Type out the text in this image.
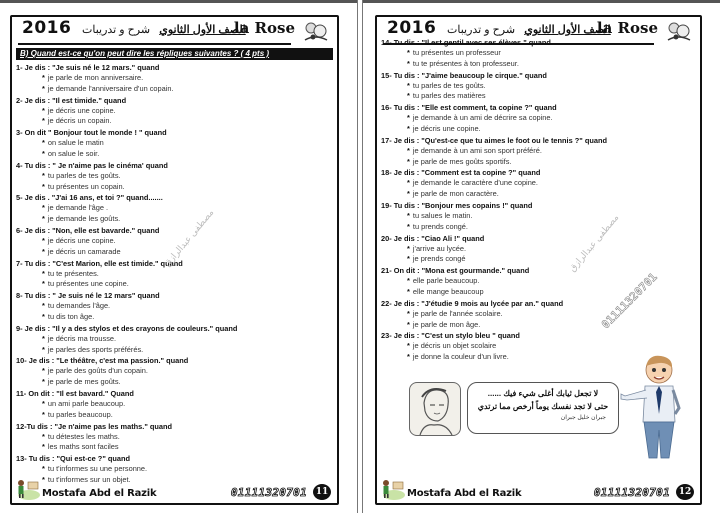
2016	الصف الأول الثانوي   شرح و تدريبات	la Rose
B) Quand est-ce qu'on peut dire les répliques suivantes ? ( 4 pts )
1- Je dis : "Je suis né le 12 mars." quand
* je parle de mon anniversaire.
* je demande l'anniversaire d'un copain.
2- Je dis : "Il est timide." quand
* je décris une copine.
* je décris un copain.
3- On dit " Bonjour tout le monde ! " quand
* on salue le matin
* on salue le soir.
4- Tu dis : " Je n'aime pas le cinéma' quand
* tu parles de tes goûts.
* tu présentes un copain.
5- Je dis . "J'ai 16 ans, et toi ?" quand.......
* je demande l'âge .
* je demande les goûts.
6- Je dis : "Non, elle est bavarde." quand
* je décris une copine.
* je décris un camarade
7- Tu dis : "C'est Marion, elle est timide." quand
* tu te présentes.
* tu présentes une copine.
8- Tu dis : " Je suis né le 12 mars" quand
* tu demandes l'âge.
* tu dis ton âge.
9- Je dis : "Il y a des stylos et des crayons de couleurs." quand
* je décris ma trousse.
* je parles des sports préférés.
10- Je dis : "Le théâtre, c'est ma passion." quand
* je parle des goûts d'un copain.
* je parle de mes goûts.
11- On dit : "Il est bavard." Quand
* un ami parle beaucoup.
* tu parles beaucoup.
12-Tu dis : "Je n'aime pas les maths." quand
* tu détestes les maths.
* les maths sont faciles
13- Tu dis : "Qui est-ce ?" quand
* tu t'informes su une personne.
* tu t'informes sur un objet.
مصطفى عبدالرازق
Mostafa Abd el Razik	01111320701 11
2016	الصف الأول الثانوي   شرح و تدريبات	la Rose
14- Tu dis : "Il est gentil avec ses élèves." quand
* tu présentes un professeur
* tu te présentes à ton professeur.
15- Tu dis : "J'aime beaucoup le cirque." quand
* tu parles de tes goûts.
* tu parles des matières
16- Tu dis : "Elle est comment, ta copine ?" quand
* je demande à un ami de décrire sa copine.
* je décris une copine.
17- Je dis : "Qu'est-ce que tu aimes le foot ou le tennis ?" quand
* je demande à un ami son sport préféré.
* je parle de mes goûts sportifs.
18- Je dis : "Comment est ta copine ?" quand
* je demande le caractère d'une copine.
* je parle de mon caractère.
19- Tu dis : "Bonjour mes copains !" quand
* tu salues le matin.
* tu prends congé.
20- Je dis : "Ciao Ali !" quand
* j'arrive au lycée.
* je prends congé
21- On dit : "Mona est gourmande." quand
* elle parle beaucoup.
* elle mange beaucoup
22- Je dis : "J'étudie 9 mois au lycée par an." quand
* je parle de l'année scolaire.
* je parle de mon âge.
23- Je dis : "C'est un stylo bleu " quand
* je décris un objet scolaire
* je donne la couleur d'un livre.
مصطفى عبدالرازق
01111320701
لا تجعل ثيابك أغلى شيء فيك ......
حتى لا تجد نفسك يوماً أرخص مما ترتدي
جبران خليل جبران
Mostafa Abd el Razik	01111320701 12
